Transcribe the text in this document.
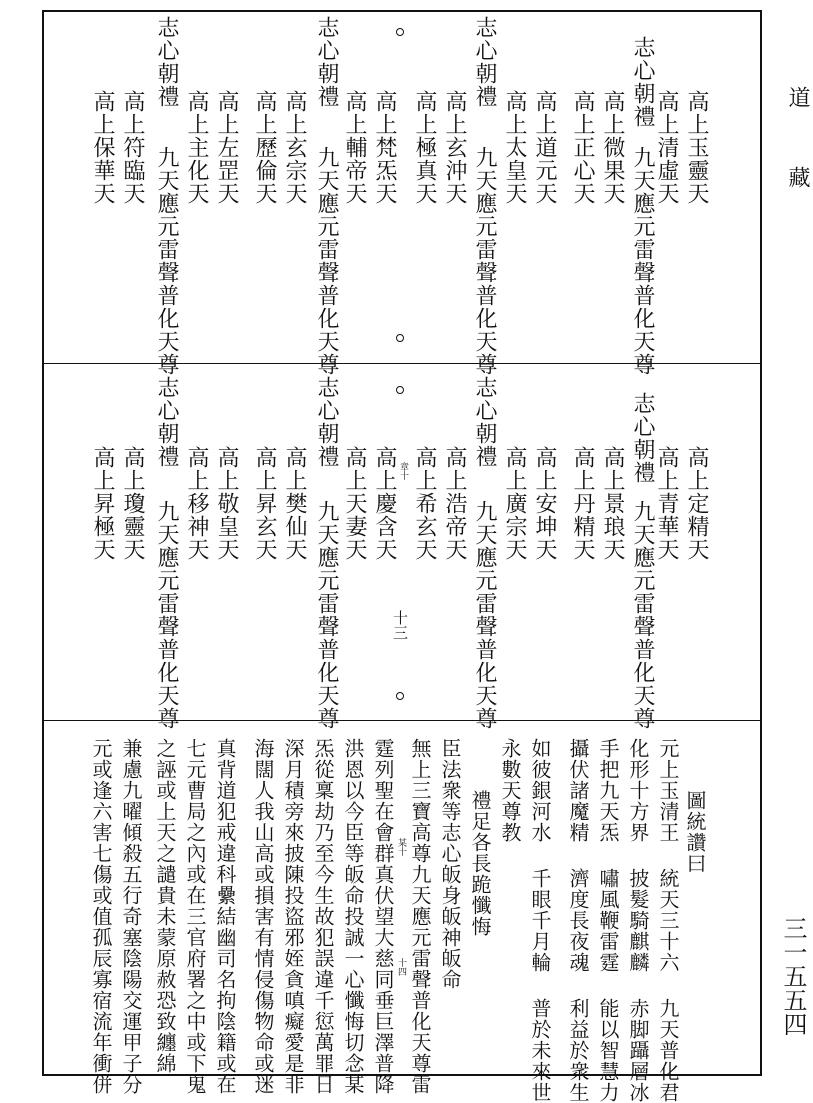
道
藏
三一五五四
高上玉靈天
高上清虛天
志心朝禮
九天應元雷聲普化天尊
高上微果天
高上正心天
高上道元天
高上太皇天
志心朝禮
高上玄沖天 九天應元雷聲普化天尊
高上極真天
高上梵炁天
高上輔帝天
志心朝禮
九天應元雷聲普化天尊
高上玄宗天
高上歷倫天
高上左罡天
高上主化天
志心朝禮
九天應元雷聲普化天尊
高上符臨天
高上保華天
高上定精天
高上青華天
志心朝禮
九天應元雷聲普化天尊
高上景琅天
高上丹精天
高上安坤天
高上廣宗天
志心朝禮
高上浩帝天 九天應元雷聲普化天尊
高上希玄天
章十
高上慶含天
高上天妻天
志心朝禮
九天應元雷聲普化天尊	十三
高上樊仙天
高上昇玄天
高上敬皇天
高上移神天
志心朝禮
九天應元雷聲普化天尊
高上瓊靈天
高上昇極天
圖統讚曰
元上玉清王 統天三十六 九天普化君
化形十方界 披髮騎麒麟 赤脚躡層冰
手把九天炁 嘯風鞭雷霆 能以智慧力
攝伏諸魔精 濟度長夜魂 利益於衆生
如彼銀河水 千眼千月輪 普於未來世
永數天尊教
禮足各長跪懺悔
臣法衆等志心皈身皈神皈命
無上三寶高尊九天應元雷聲普化天尊雷
某十
十四
霆列聖在會群真伏望大慈同垂巨澤普降
洪恩以今臣等皈命投誠一心懺悔切念某
炁從稟劫乃至今生故犯誤違千愆萬罪日
深月積旁來披陳投盜邪姪貪嗔癡愛是非
海闊人我山高或損害有情侵傷物命或迷
真背道犯戒違科纍結幽司名拘陰籍或在
七元曹局之內或在三官府署之中或下鬼
之誣或上天之譴貴未蒙原赦恐致纏綿
兼慮九曜傾殺五行奇塞陰陽交運甲子分
元或逢六害七傷或值孤辰寡宿流年衝併
